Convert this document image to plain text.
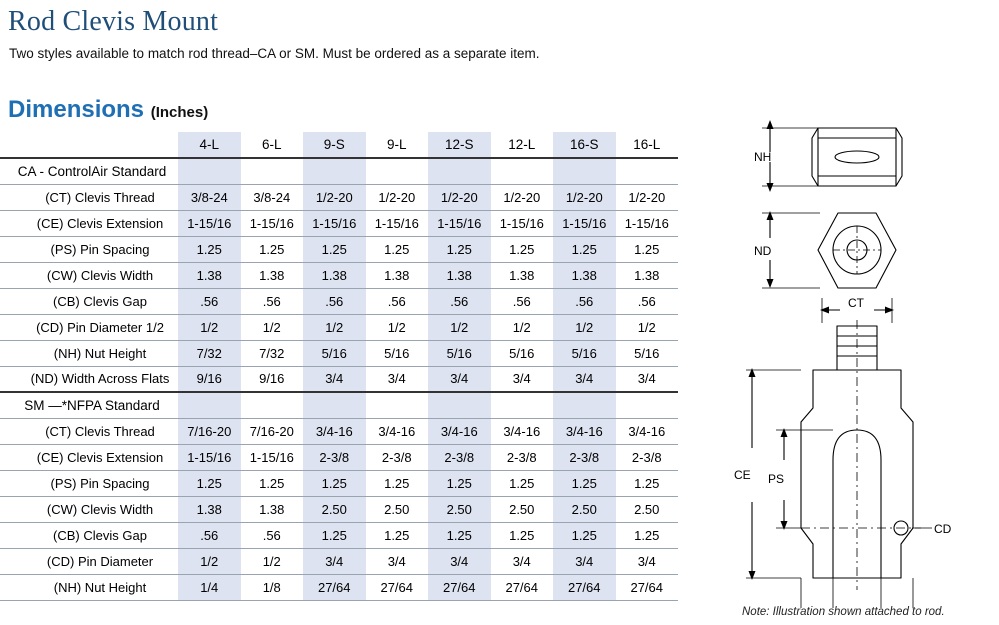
Rod Clevis Mount
Two styles available to match rod thread–CA or SM. Must be ordered as a separate item.
Dimensions (Inches)
	4-L	6-L	9-S	9-L	12-S	12-L	16-S	16-L
CA - ControlAir Standard								
(CT) Clevis Thread	3/8-24	3/8-24	1/2-20	1/2-20	1/2-20	1/2-20	1/2-20	1/2-20
(CE) Clevis Extension	1-15/16	1-15/16	1-15/16	1-15/16	1-15/16	1-15/16	1-15/16	1-15/16
(PS) Pin Spacing	1.25	1.25	1.25	1.25	1.25	1.25	1.25	1.25
(CW) Clevis Width	1.38	1.38	1.38	1.38	1.38	1.38	1.38	1.38
(CB) Clevis Gap	.56	.56	.56	.56	.56	.56	.56	.56
(CD) Pin Diameter 1/2	1/2	1/2	1/2	1/2	1/2	1/2	1/2	1/2
(NH) Nut Height	7/32	7/32	5/16	5/16	5/16	5/16	5/16	5/16
(ND) Width Across Flats	9/16	9/16	3/4	3/4	3/4	3/4	3/4	3/4
SM —*NFPA Standard								
(CT) Clevis Thread	7/16-20	7/16-20	3/4-16	3/4-16	3/4-16	3/4-16	3/4-16	3/4-16
(CE) Clevis Extension	1-15/16	1-15/16	2-3/8	2-3/8	2-3/8	2-3/8	2-3/8	2-3/8
(PS) Pin Spacing	1.25	1.25	1.25	1.25	1.25	1.25	1.25	1.25
(CW) Clevis Width	1.38	1.38	2.50	2.50	2.50	2.50	2.50	2.50
(CB) Clevis Gap	.56	.56	1.25	1.25	1.25	1.25	1.25	1.25
(CD) Pin Diameter	1/2	1/2	3/4	3/4	3/4	3/4	3/4	3/4
(NH) Nut Height	1/4	1/8	27/64	27/64	27/64	27/64	27/64	27/64
NH
ND
CT
CE PS
CD
Note: Illustration shown attached to rod.
